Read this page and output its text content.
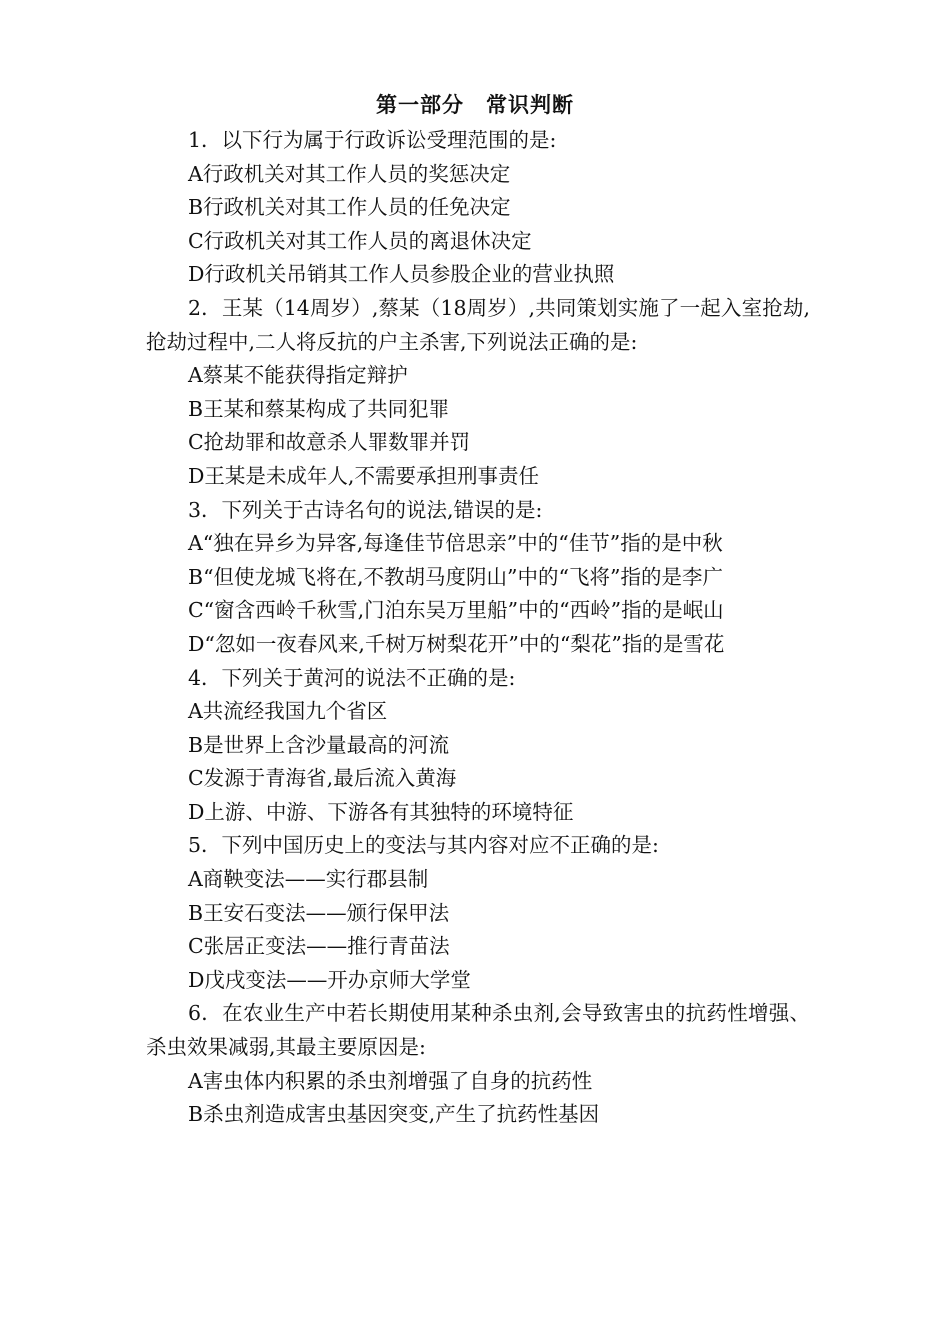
第一部分 常识判断

1．以下行为属于行政诉讼受理范围的是:

A行政机关对其工作人员的奖惩决定

B行政机关对其工作人员的任免决定

C行政机关对其工作人员的离退休决定

D行政机关吊销其工作人员参股企业的营业执照

2．王某（14周岁）,蔡某（18周岁）,共同策划实施了一起入室抢劫,抢劫过程中,二人将反抗的户主杀害,下列说法正确的是:

A蔡某不能获得指定辩护

B王某和蔡某构成了共同犯罪

C抢劫罪和故意杀人罪数罪并罚

D王某是未成年人,不需要承担刑事责任

3．下列关于古诗名句的说法,错误的是:

A“独在异乡为异客,每逢佳节倍思亲”中的“佳节”指的是中秋

B“但使龙城飞将在,不教胡马度阴山”中的“飞将”指的是李广

C“窗含西岭千秋雪,门泊东吴万里船”中的“西岭”指的是岷山

D“忽如一夜春风来,千树万树梨花开”中的“梨花”指的是雪花

4．下列关于黄河的说法不正确的是:

A共流经我国九个省区

B是世界上含沙量最高的河流

C发源于青海省,最后流入黄海

D上游、中游、下游各有其独特的环境特征

5．下列中国历史上的变法与其内容对应不正确的是:

A商鞅变法——实行郡县制

B王安石变法——颁行保甲法

C张居正变法——推行青苗法

D戊戌变法——开办京师大学堂

6．在农业生产中若长期使用某种杀虫剂,会导致害虫的抗药性增强、杀虫效果减弱,其最主要原因是:

A害虫体内积累的杀虫剂增强了自身的抗药性

B杀虫剂造成害虫基因突变,产生了抗药性基因
